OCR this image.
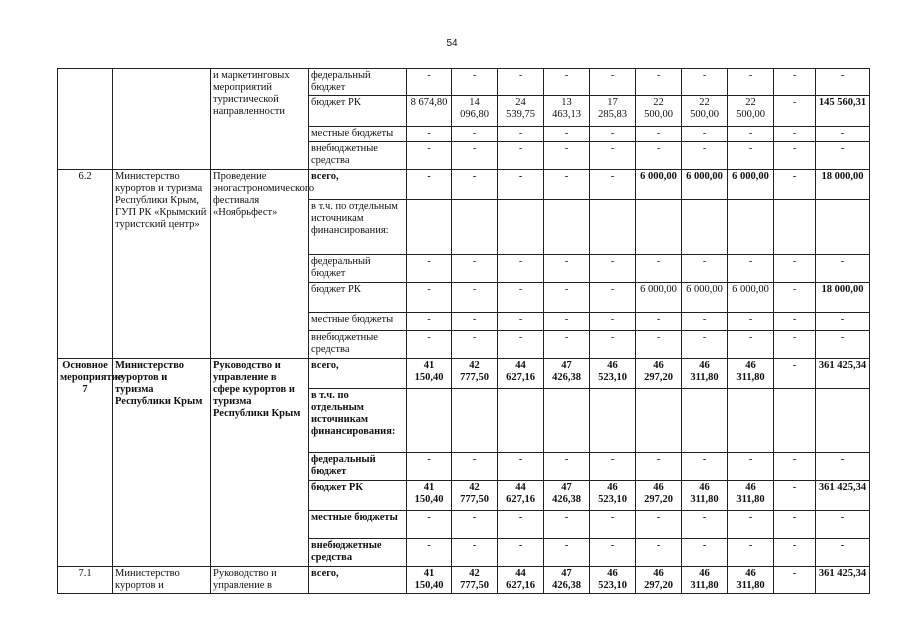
54
		и маркетинговых мероприятий туристической направленности	федеральный бюджет	-	-	-	-	-	-	-	-	-	-
			бюджет РК	8 674,80	14 096,80	24 539,75	13 463,13	17 285,83	22 500,00	22 500,00	22 500,00	-	145 560,31
			местные бюджеты	-	-	-	-	-	-	-	-	-	-
			внебюджетные средства	-	-	-	-	-	-	-	-	-	-
6.2	Министерство курортов и туризма Республики Крым, ГУП РК «Крымский туристский центр»	Проведение эногастрономического фестиваля «Ноябрьфест»	всего,	-	-	-	-	-	6 000,00	6 000,00	6 000,00	-	18 000,00
			в т.ч. по отдельным источникам финансирования:										
			федеральный бюджет	-	-	-	-	-	-	-	-	-	-
			бюджет РК	-	-	-	-	-	6 000,00	6 000,00	6 000,00	-	18 000,00
			местные бюджеты	-	-	-	-	-	-	-	-	-	-
			внебюджетные средства	-	-	-	-	-	-	-	-	-	-
Основное мероприятие 7	Министерство курортов и туризма Республики Крым	Руководство и управление в сфере курортов и туризма Республики Крым	всего,	41 150,40	42 777,50	44 627,16	47 426,38	46 523,10	46 297,20	46 311,80	46 311,80	-	361 425,34
			в т.ч. по отдельным источникам финансирования:										
			федеральный бюджет	-	-	-	-	-	-	-	-	-	-
			бюджет РК	41 150,40	42 777,50	44 627,16	47 426,38	46 523,10	46 297,20	46 311,80	46 311,80	-	361 425,34
			местные бюджеты	-	-	-	-	-	-	-	-	-	-
			внебюджетные средства	-	-	-	-	-	-	-	-	-	-
7.1	Министерство курортов и	Руководство и управление в	всего,	41 150,40	42 777,50	44 627,16	47 426,38	46 523,10	46 297,20	46 311,80	46 311,80	-	361 425,34
